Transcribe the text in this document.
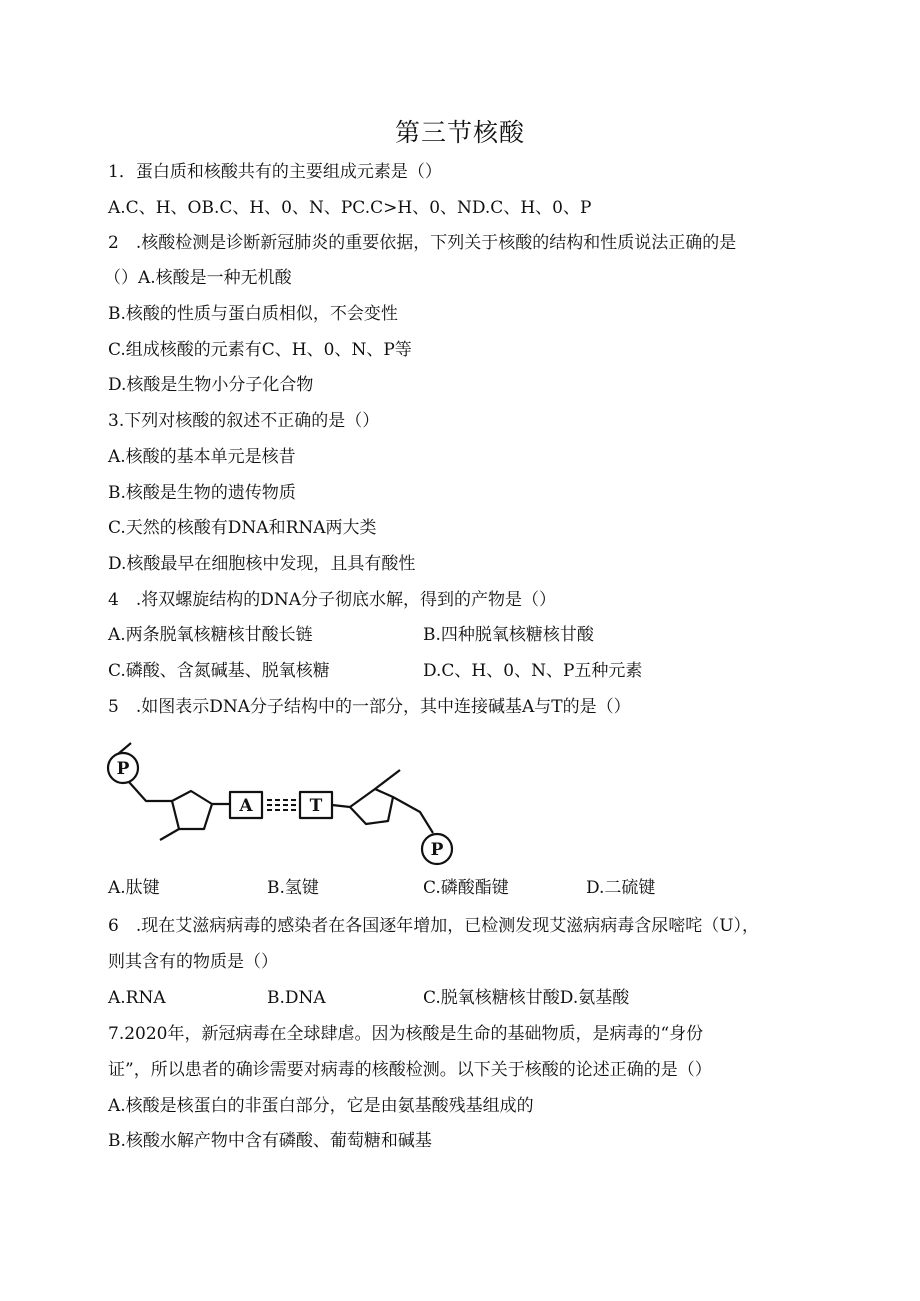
第三节核酸
1．蛋白质和核酸共有的主要组成元素是（）
A.C、H、OB.C、H、0、N、PC.C>H、0、ND.C、H、0、P
2　.核酸检测是诊断新冠肺炎的重要依据，下列关于核酸的结构和性质说法正确的是
（）A.核酸是一种无机酸
B.核酸的性质与蛋白质相似，不会变性
C.组成核酸的元素有C、H、0、N、P等
D.核酸是生物小分子化合物
3.下列对核酸的叙述不正确的是（）
A.核酸的基本单元是核昔
B.核酸是生物的遗传物质
C.天然的核酸有DNA和RNA两大类
D.核酸最早在细胞核中发现，且具有酸性
4　.将双螺旋结构的DNA分子彻底水解，得到的产物是（）
A.两条脱氧核糖核甘酸长链	B.四种脱氧核糖核甘酸
C.磷酸、含氮碱基、脱氧核糖	D.C、H、0、N、P五种元素
5　.如图表示DNA分子结构中的一部分，其中连接碱基A与T的是（）
P
A	T
P
A.肽键	B.氢键	C.磷酸酯键	D.二硫键
6　.现在艾滋病病毒的感染者在各国逐年增加，已检测发现艾滋病病毒含尿嘧咤（U），
则其含有的物质是（）
A.RNA	B.DNA	C.脱氧核糖核甘酸D.氨基酸
7.2020年，新冠病毒在全球肆虐。因为核酸是生命的基础物质，是病毒的“身份
证”，所以患者的确诊需要对病毒的核酸检测。以下关于核酸的论述正确的是（）
A.核酸是核蛋白的非蛋白部分，它是由氨基酸残基组成的
B.核酸水解产物中含有磷酸、葡萄糖和碱基
